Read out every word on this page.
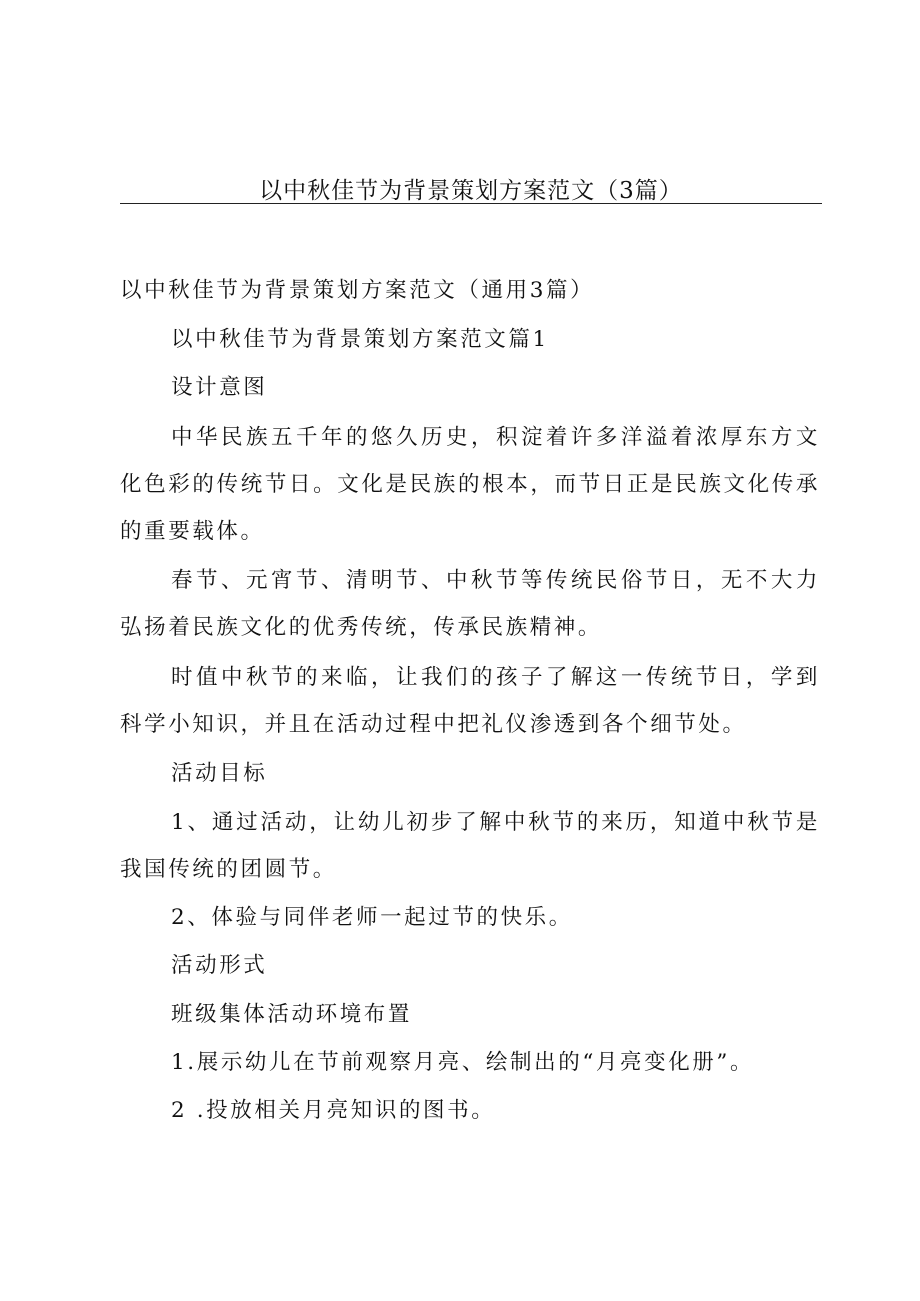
以中秋佳节为背景策划方案范文（3篇）
以中秋佳节为背景策划方案范文（通用3篇）
以中秋佳节为背景策划方案范文篇1
设计意图
中华民族五千年的悠久历史，积淀着许多洋溢着浓厚东方文化色彩的传统节日。文化是民族的根本，而节日正是民族文化传承的重要载体。
春节、元宵节、清明节、中秋节等传统民俗节日，无不大力弘扬着民族文化的优秀传统，传承民族精神。
时值中秋节的来临，让我们的孩子了解这一传统节日，学到科学小知识，并且在活动过程中把礼仪渗透到各个细节处。
活动目标
1、通过活动，让幼儿初步了解中秋节的来历，知道中秋节是我国传统的团圆节。
2、体验与同伴老师一起过节的快乐。
活动形式
班级集体活动环境布置
1.展示幼儿在节前观察月亮、绘制出的“月亮变化册”。
2 .投放相关月亮知识的图书。
